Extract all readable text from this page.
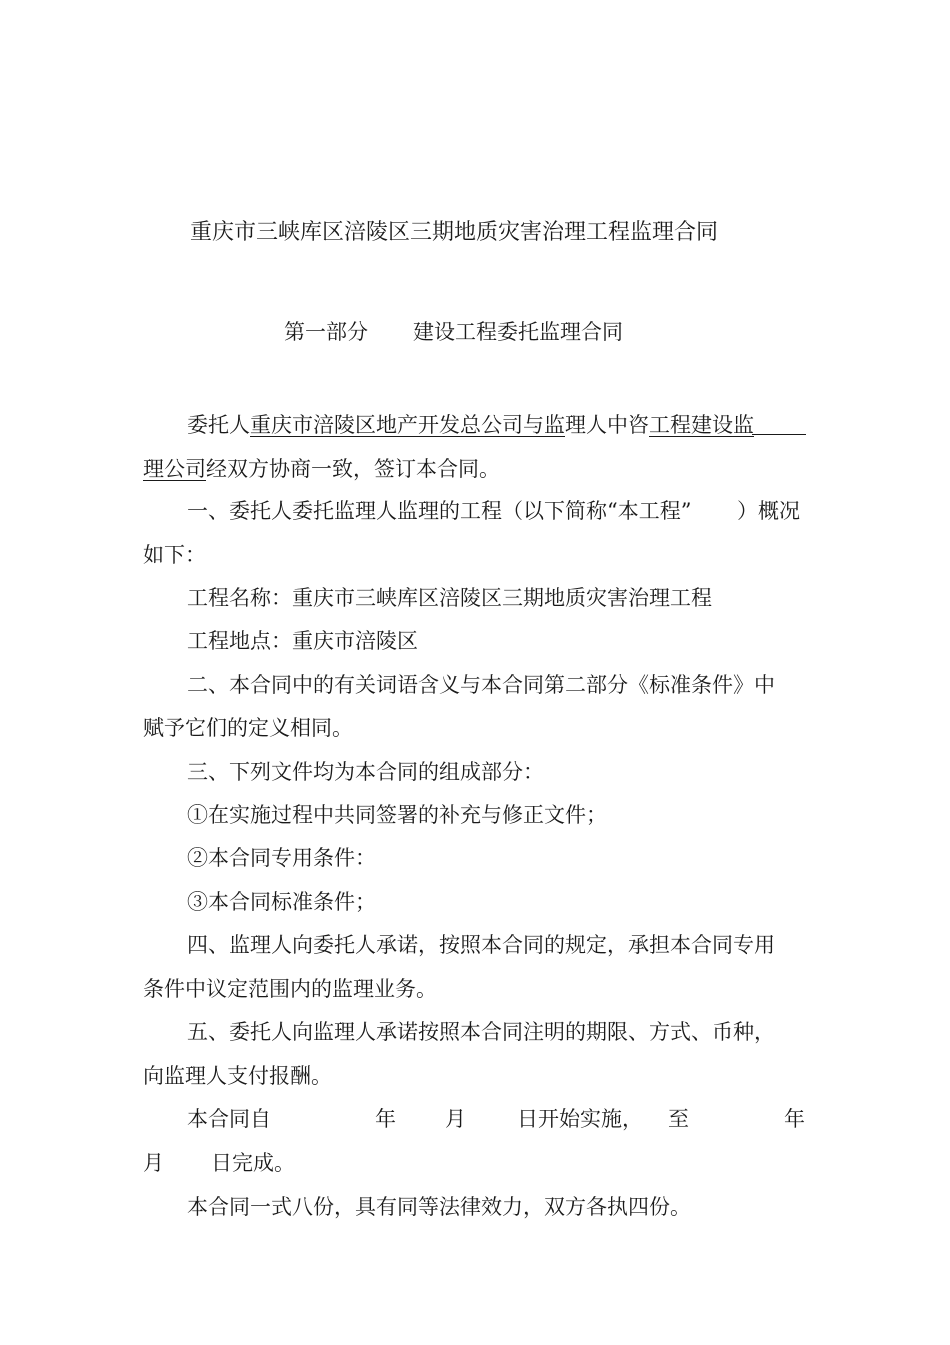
重庆市三峡库区涪陵区三期地质灾害治理工程监理合同
第一部分 建设工程委托监理合同
委托人重庆市涪陵区地产开发总公司与监理人中咨工程建设监
理公司经双方协商一致，签订本合同。
一、委托人委托监理人监理的工程（以下简称“本工程” ）概况
如下：
工程名称：重庆市三峡库区涪陵区三期地质灾害治理工程
工程地点：重庆市涪陵区
二、本合同中的有关词语含义与本合同第二部分《标准条件》中
赋予它们的定义相同。
三、下列文件均为本合同的组成部分：
①在实施过程中共同签署的补充与修正文件；
②本合同专用条件：
③本合同标准条件；
四、监理人向委托人承诺，按照本合同的规定，承担本合同专用
条件中议定范围内的监理业务。
五、委托人向监理人承诺按照本合同注明的期限、方式、币种，
向监理人支付报酬。
本合同自	年 月 日开始实施， 至	年
月 日完成。
本合同一式八份，具有同等法律效力，双方各执四份。
